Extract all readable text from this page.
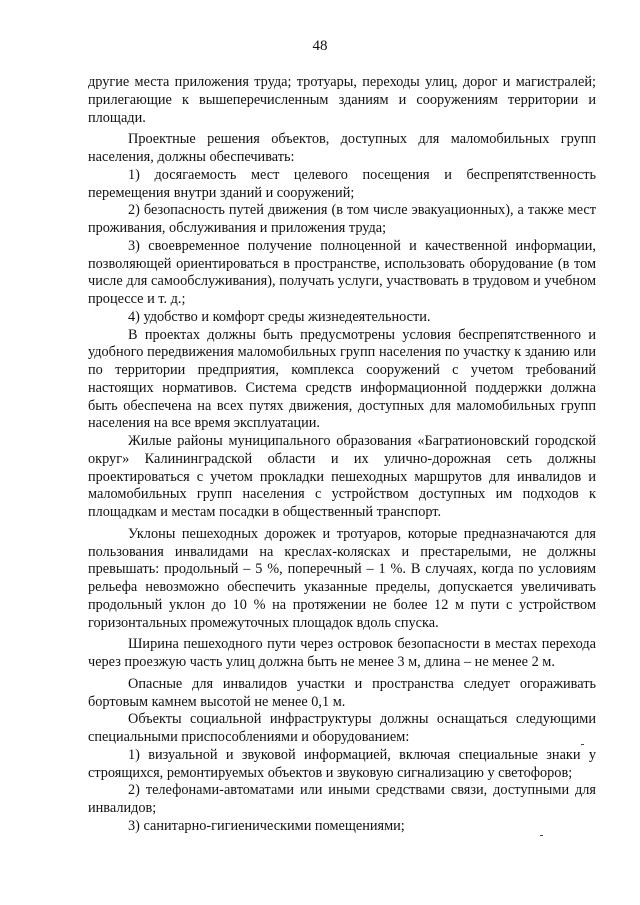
48

другие места приложения труда; тротуары, переходы улиц, дорог и магистралей; прилегающие к вышеперечисленным зданиям и сооружениям территории и площади.

Проектные решения объектов, доступных для маломобильных групп населения, должны обеспечивать:

1) досягаемость мест целевого посещения и беспрепятственность перемещения внутри зданий и сооружений;

2) безопасность путей движения (в том числе эвакуационных), а также мест проживания, обслуживания и приложения труда;

3) своевременное получение полноценной и качественной информации, позволяющей ориентироваться в пространстве, использовать оборудование (в том числе для самообслуживания), получать услуги, участвовать в трудовом и учебном процессе и т. д.;

4) удобство и комфорт среды жизнедеятельности.

В проектах должны быть предусмотрены условия беспрепятственного и удобного передвижения маломобильных групп населения по участку к зданию или по территории предприятия, комплекса сооружений с учетом требований настоящих нормативов. Система средств информационной поддержки должна быть обеспечена на всех путях движения, доступных для маломобильных групп населения на все время эксплуатации.

Жилые районы муниципального образования «Багратионовский городской округ» Калининградской области и их улично-дорожная сеть должны проектироваться с учетом прокладки пешеходных маршрутов для инвалидов и маломобильных групп населения с устройством доступных им подходов к площадкам и местам посадки в общественный транспорт.

Уклоны пешеходных дорожек и тротуаров, которые предназначаются для пользования инвалидами на креслах-колясках и престарелыми, не должны превышать: продольный – 5 %, поперечный – 1 %. В случаях, когда по условиям рельефа невозможно обеспечить указанные пределы, допускается увеличивать продольный уклон до 10 % на протяжении не более 12 м пути с устройством горизонтальных промежуточных площадок вдоль спуска.

Ширина пешеходного пути через островок безопасности в местах перехода через проезжую часть улиц должна быть не менее 3 м, длина – не менее 2 м.

Опасные для инвалидов участки и пространства следует огораживать бортовым камнем высотой не менее 0,1 м.

Объекты социальной инфраструктуры должны оснащаться следующими специальными приспособлениями и оборудованием:

1) визуальной и звуковой информацией, включая специальные знаки у строящихся, ремонтируемых объектов и звуковую сигнализацию у светофоров;

2) телефонами-автоматами или иными средствами связи, доступными для инвалидов;

3) санитарно-гигиеническими помещениями;
